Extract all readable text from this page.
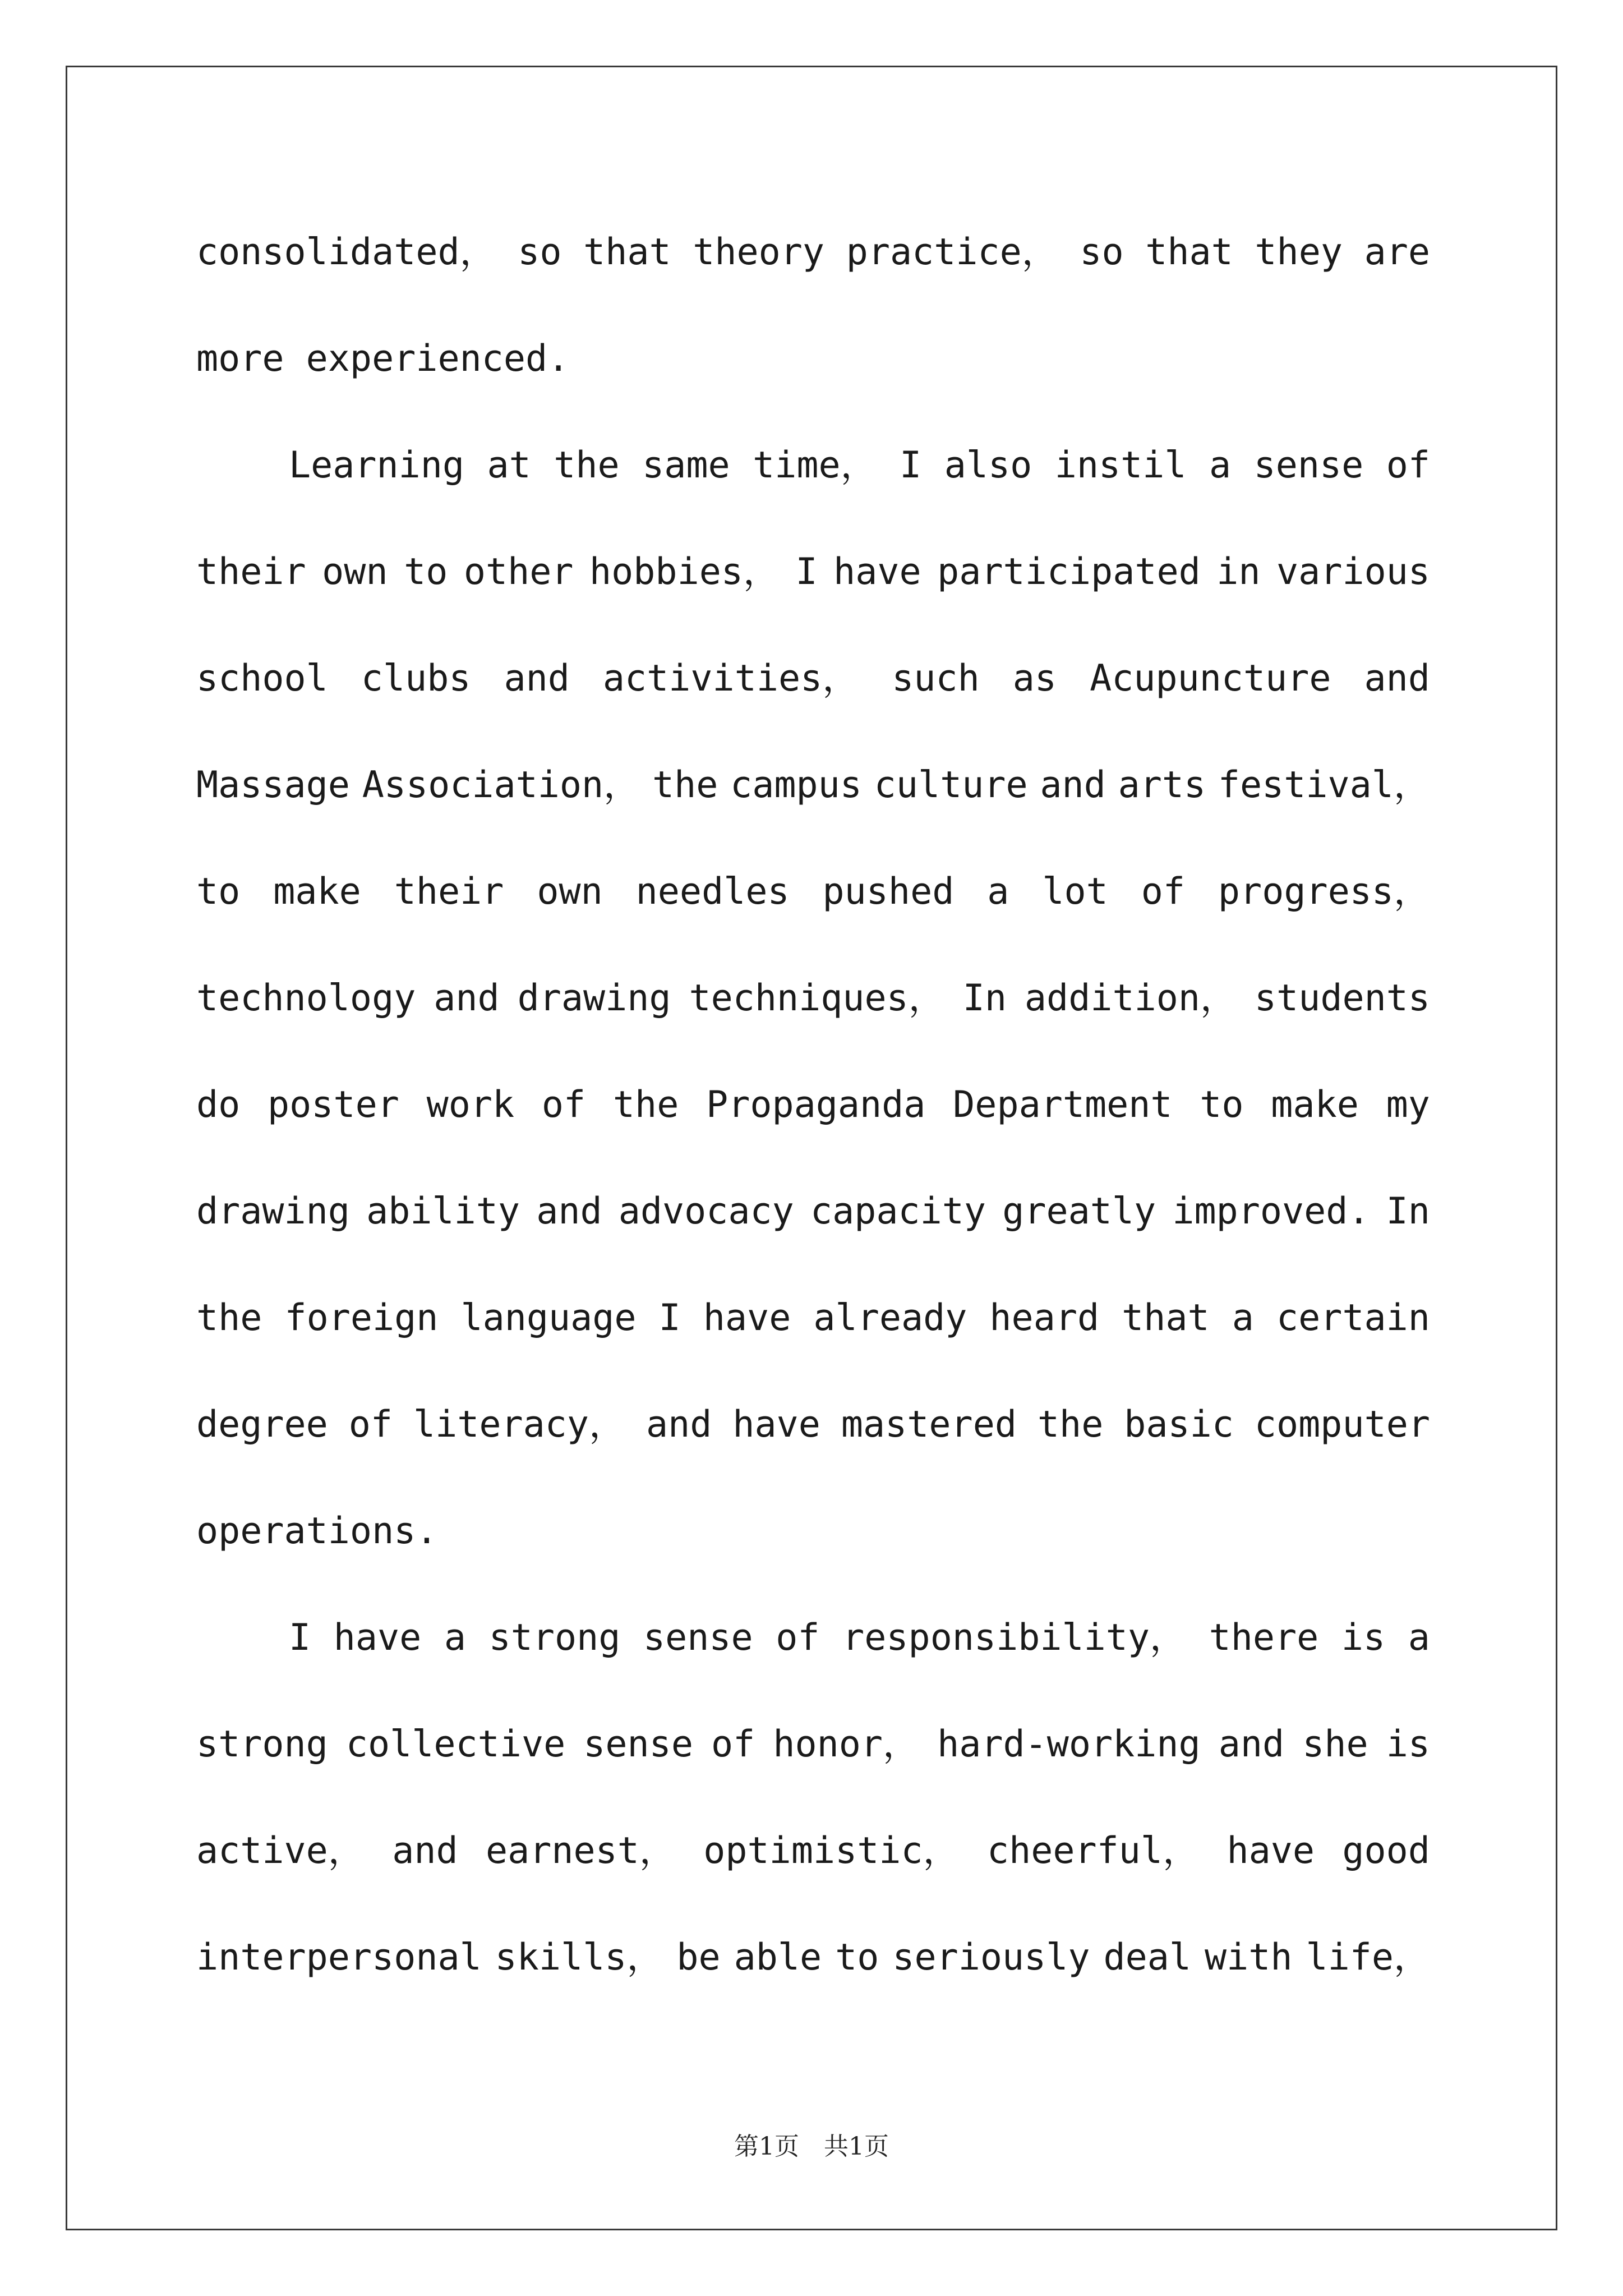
consolidated， so that theory practice， so that they are
more experienced.
Learning at the same time， I also instil a sense of
their own to other hobbies， I have participated in various
school clubs and activities， such as Acupuncture and
Massage Association， the campus culture and arts festival，
to make their own needles pushed a lot of progress，
technology and drawing techniques， In addition， students
do poster work of the Propaganda Department to make my
drawing ability and advocacy capacity greatly improved. In
the foreign language I have already heard that a certain
degree of literacy， and have mastered the basic computer
operations.
I have a strong sense of responsibility， there is a
strong collective sense of honor， hard-working and she is
active， and earnest， optimistic， cheerful， have good
interpersonal skills， be able to seriously deal with life，
第1页　共1页
